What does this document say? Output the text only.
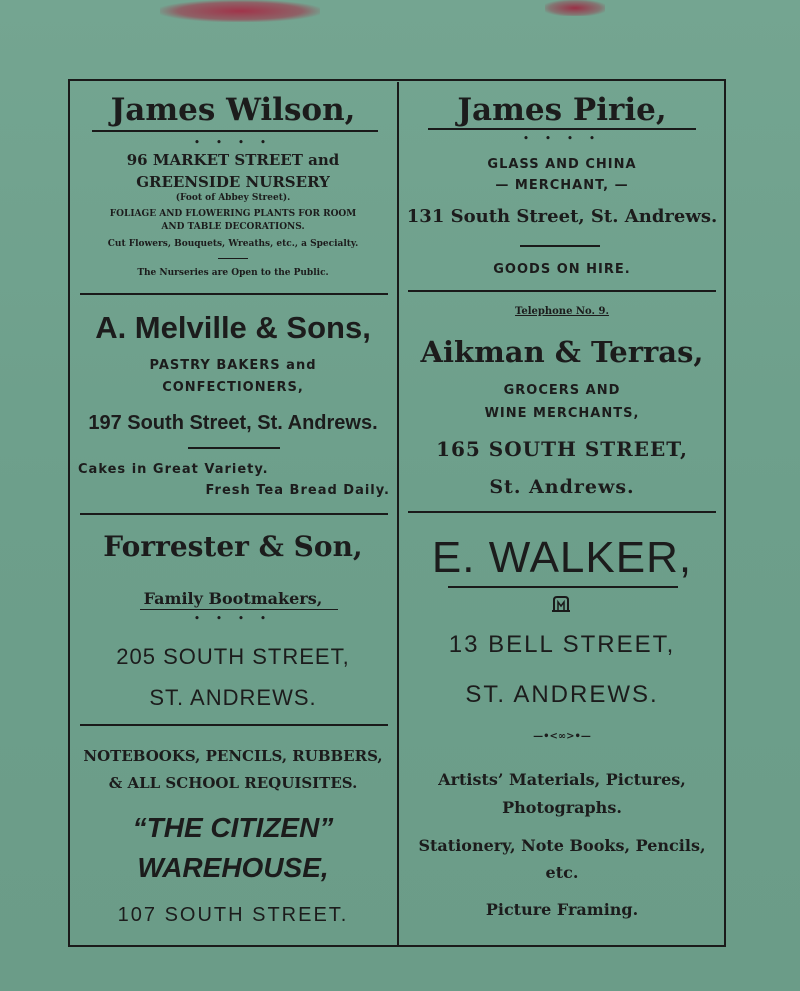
James Wilson,
• • • •
96 MARKET STREET and
GREENSIDE NURSERY
(Foot of Abbey Street).
FOLIAGE AND FLOWERING PLANTS FOR ROOM
AND TABLE DECORATIONS.
Cut Flowers, Bouquets, Wreaths, etc., a Specialty.
The Nurseries are Open to the Public.
James Pirie,
• • • •
GLASS AND CHINA
— MERCHANT, —
131 South Street, St. Andrews.
GOODS ON HIRE.
A. Melville & Sons,
PASTRY BAKERS and
CONFECTIONERS,
197 South Street, St. Andrews.
Cakes in Great Variety.
Fresh Tea Bread Daily.
Telephone No. 9.
Aikman & Terras,
GROCERS AND
WINE MERCHANTS,
165 SOUTH STREET,
St. Andrews.
Forrester & Son,
Family Bootmakers,
• • • •
205 SOUTH STREET,
ST. ANDREWS.
NOTEBOOKS, PENCILS, RUBBERS,
& ALL SCHOOL REQUISITES.
“THE CITIZEN”
WAREHOUSE,
107 SOUTH STREET.
E. WALKER,
13 BELL STREET,
ST. ANDREWS.
—•<∞>•—
Artists’ Materials, Pictures,
Photographs.
Stationery, Note Books, Pencils,
etc.
Picture Framing.
